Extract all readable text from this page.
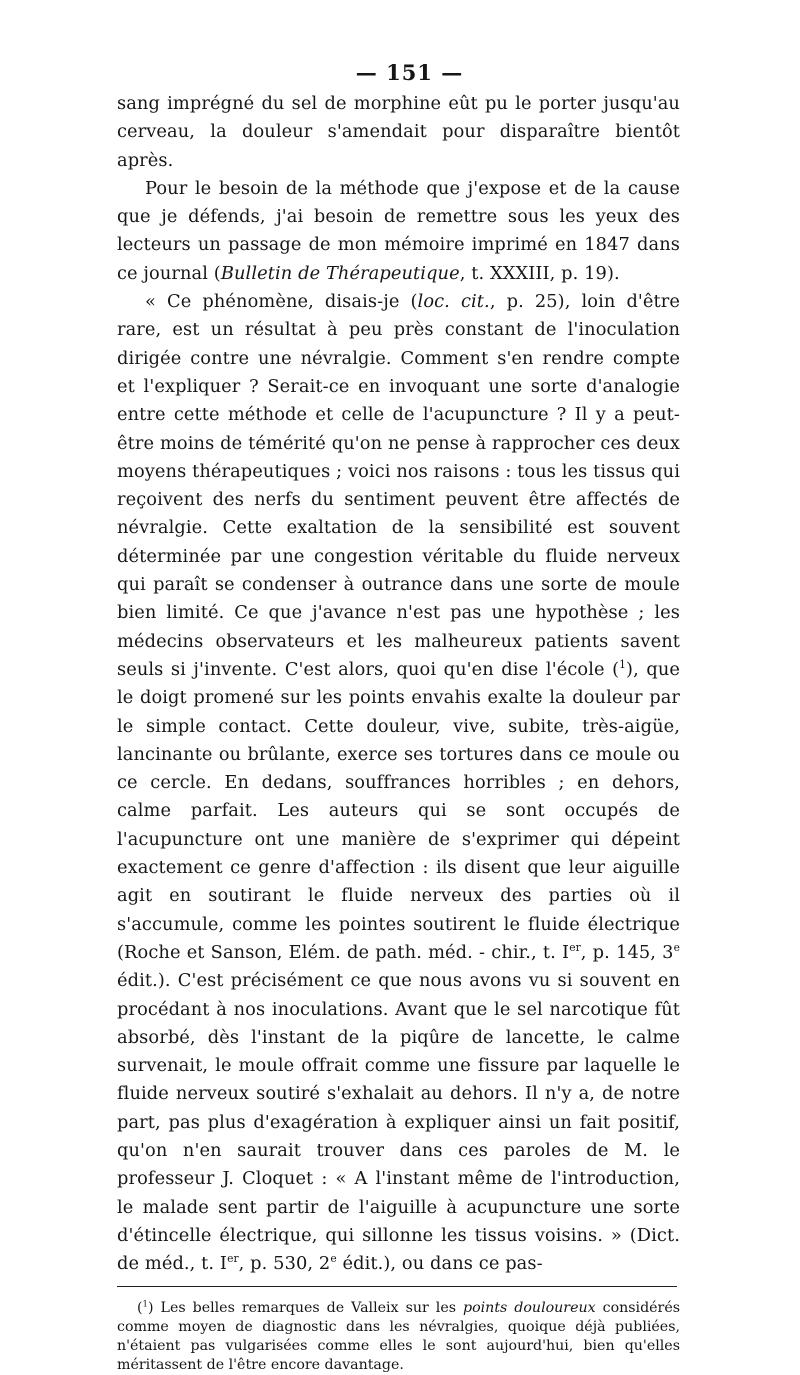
— 151 —

sang imprégné du sel de morphine eût pu le porter jusqu'au cerveau, la douleur s'amendait pour disparaître bientôt après.

Pour le besoin de la méthode que j'expose et de la cause que je défends, j'ai besoin de remettre sous les yeux des lecteurs un passage de mon mémoire imprimé en 1847 dans ce journal (Bulletin de Thérapeutique, t. XXXIII, p. 19).

« Ce phénomène, disais-je (loc. cit., p. 25), loin d'être rare, est un résultat à peu près constant de l'inoculation dirigée contre une névralgie. Comment s'en rendre compte et l'expliquer ? Serait-ce en invoquant une sorte d'analogie entre cette méthode et celle de l'acupuncture ? Il y a peut-être moins de témérité qu'on ne pense à rapprocher ces deux moyens thérapeutiques ; voici nos raisons : tous les tissus qui reçoivent des nerfs du sentiment peuvent être affectés de névralgie. Cette exaltation de la sensibilité est souvent déterminée par une congestion véritable du fluide nerveux qui paraît se condenser à outrance dans une sorte de moule bien limité. Ce que j'avance n'est pas une hypothèse ; les médecins observateurs et les malheureux patients savent seuls si j'invente. C'est alors, quoi qu'en dise l'école ($^1$), que le doigt promené sur les points envahis exalte la douleur par le simple contact. Cette douleur, vive, subite, très-aigüe, lancinante ou brûlante, exerce ses tortures dans ce moule ou ce cercle. En dedans, souffrances horribles ; en dehors, calme parfait. Les auteurs qui se sont occupés de l'acupuncture ont une manière de s'exprimer qui dépeint exactement ce genre d'affection : ils disent que leur aiguille agit en soutirant le fluide nerveux des parties où il s'accumule, comme les pointes soutirent le fluide électrique (Roche et Sanson, Elém. de path. méd. - chir., t. Ier, p. 145, 3e édit.). C'est précisément ce que nous avons vu si souvent en procédant à nos inoculations. Avant que le sel narcotique fût absorbé, dès l'instant de la piqûre de lancette, le calme survenait, le moule offrait comme une fissure par laquelle le fluide nerveux soutiré s'exhalait au dehors. Il n'y a, de notre part, pas plus d'exagération à expliquer ainsi un fait positif, qu'on n'en saurait trouver dans ces paroles de M. le professeur J. Cloquet : « A l'instant même de l'introduction, le malade sent partir de l'aiguille à acupuncture une sorte d'étincelle électrique, qui sillonne les tissus voisins. » (Dict. de méd., t. Ier, p. 530, 2e édit.), ou dans ce pas-

($^1$) Les belles remarques de Valleix sur les points douloureux considérés comme moyen de diagnostic dans les névralgies, quoique déjà publiées, n'étaient pas vulgarisées comme elles le sont aujourd'hui, bien qu'elles méritassent de l'être encore davantage.
